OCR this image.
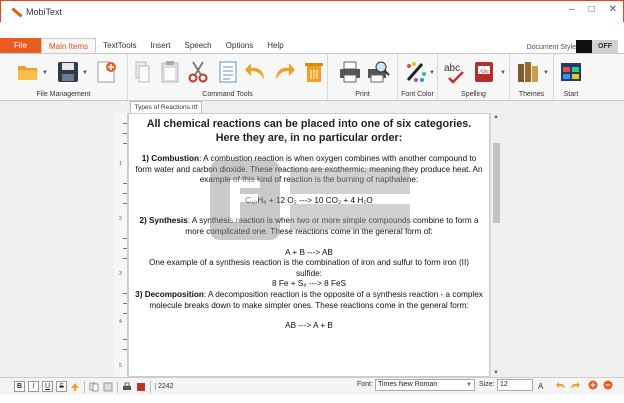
MobiText	– □ ✕
File	Main Items	TextTools	Insert	Speech	Options	Help	Document Style	OFF
▼	▼
File Management	Command Tools	Print
▼
Font Color
abc	Abc ▼
Spelling
▼
Themes	Start
Types of Reactions.rtf
1
2
3
4
5
All chemical reactions can be placed into one of six categories. Here they are, in no particular order:

1) Combustion: A combustion reaction is when oxygen combines with another compound to form water and carbon dioxide. These reactions are exothermic, meaning they produce heat. An example of this kind of reaction is the burning of napthalene:

C₁₀H₈ + 12 O₂ ---> 10 CO₂ + 4 H₂O

2) Synthesis: A synthesis reaction is when two or more simple compounds combine to form a more complicated one. These reactions come in the general form of:

A + B ---> AB

One example of a synthesis reaction is the combination of iron and sulfur to form iron (II) sulfide:

8 Fe + S₈ ---> 8 FeS

3) Decomposition: A decomposition reaction is the opposite of a synthesis reaction - a complex molecule breaks down to make simpler ones. These reactions come in the general form:

AB ---> A + B

▲
▼
B	I	U	S	2242	Font: Times New Roman	▼ Size: 12	A
